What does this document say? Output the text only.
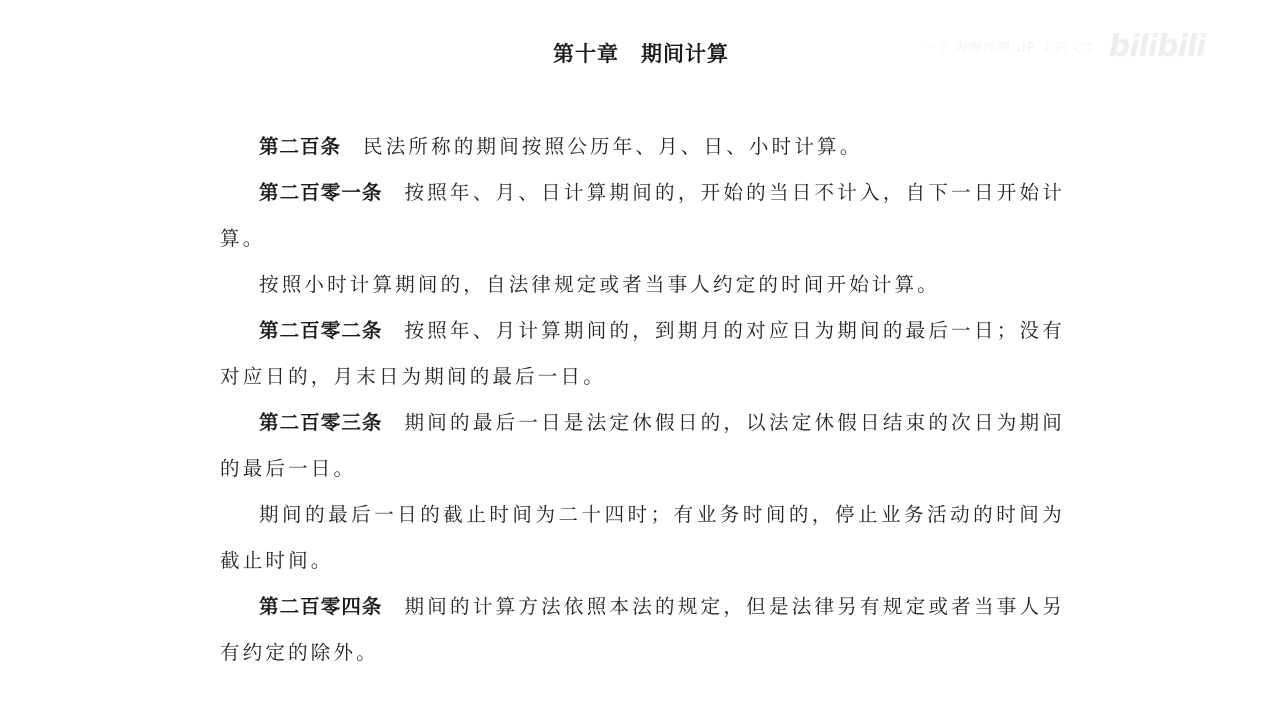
一个 哔哩哔哩 UP 主的文字 bilibili
第十章　期间计算

第二百条 民法所称的期间按照公历年、月、日、小时计算。

第二百零一条 按照年、月、日计算期间的，开始的当日不计入，自下一日开始计算。

按照小时计算期间的，自法律规定或者当事人约定的时间开始计算。

第二百零二条 按照年、月计算期间的，到期月的对应日为期间的最后一日；没有对应日的，月末日为期间的最后一日。

第二百零三条 期间的最后一日是法定休假日的，以法定休假日结束的次日为期间的最后一日。

期间的最后一日的截止时间为二十四时；有业务时间的，停止业务活动的时间为截止时间。

第二百零四条 期间的计算方法依照本法的规定，但是法律另有规定或者当事人另有约定的除外。
